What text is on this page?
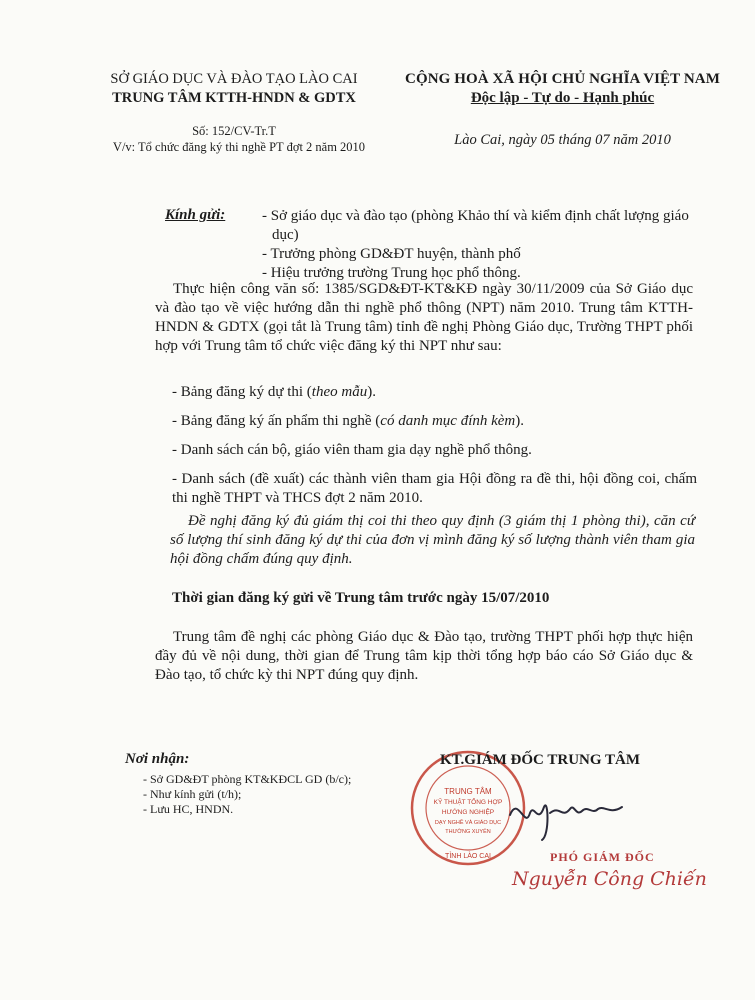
SỞ GIÁO DỤC VÀ ĐÀO TẠO LÀO CAI
TRUNG TÂM KTTH-HNDN & GDTX
Số: 152/CV-Tr.T
V/v: Tổ chức đăng ký thi nghề PT đợt 2 năm 2010
CỘNG HOÀ XÃ HỘI CHỦ NGHĨA VIỆT NAM
Độc lập - Tự do - Hạnh phúc
Lào Cai, ngày 05 tháng 07 năm 2010
Kính gửi: - Sở giáo dục và đào tạo (phòng Khảo thí và kiểm định chất lượng giáo dục)
- Trưởng phòng GD&ĐT huyện, thành phố
- Hiệu trưởng trường Trung học phổ thông.
Thực hiện công văn số: 1385/SGD&ĐT-KT&KĐ ngày 30/11/2009 của Sở Giáo dục và đào tạo về việc hướng dẫn thi nghề phổ thông (NPT) năm 2010. Trung tâm KTTH-HNDN & GDTX (gọi tắt là Trung tâm) tỉnh đề nghị Phòng Giáo dục, Trường THPT phối hợp với Trung tâm tổ chức việc đăng ký thi NPT như sau:
- Bảng đăng ký dự thi (theo mẫu).
- Bảng đăng ký ấn phẩm thi nghề (có danh mục đính kèm).
- Danh sách cán bộ, giáo viên tham gia dạy nghề phổ thông.
- Danh sách (đề xuất) các thành viên tham gia Hội đồng ra đề thi, hội đồng coi, chấm thi nghề THPT và THCS đợt 2 năm 2010.
Đề nghị đăng ký đủ giám thị coi thi theo quy định (3 giám thị 1 phòng thi), căn cứ số lượng thí sinh đăng ký dự thi của đơn vị mình đăng ký số lượng thành viên tham gia hội đồng chấm đúng quy định.
Thời gian đăng ký gửi về Trung tâm trước ngày 15/07/2010
Trung tâm đề nghị các phòng Giáo dục & Đào tạo, trường THPT phối hợp thực hiện đầy đủ về nội dung, thời gian để Trung tâm kịp thời tổng hợp báo cáo Sở Giáo dục & Đào tạo, tổ chức kỳ thi NPT đúng quy định.
Nơi nhận:
- Sở GD&ĐT phòng KT&KĐCL GD (b/c);
- Như kính gửi (t/h);
- Lưu HC, HNDN.
TRUNG TÂM
KỸ THUẬT TỔNG HỢP
HƯỚNG NGHIỆP
DẠY NGHỀ VÀ GIÁO DỤC
THƯỜNG XUYÊN
TỈNH LÀO CAI
KT.GIÁM ĐỐC TRUNG TÂM
PHÓ GIÁM ĐỐC
Nguyễn Công Chiến
